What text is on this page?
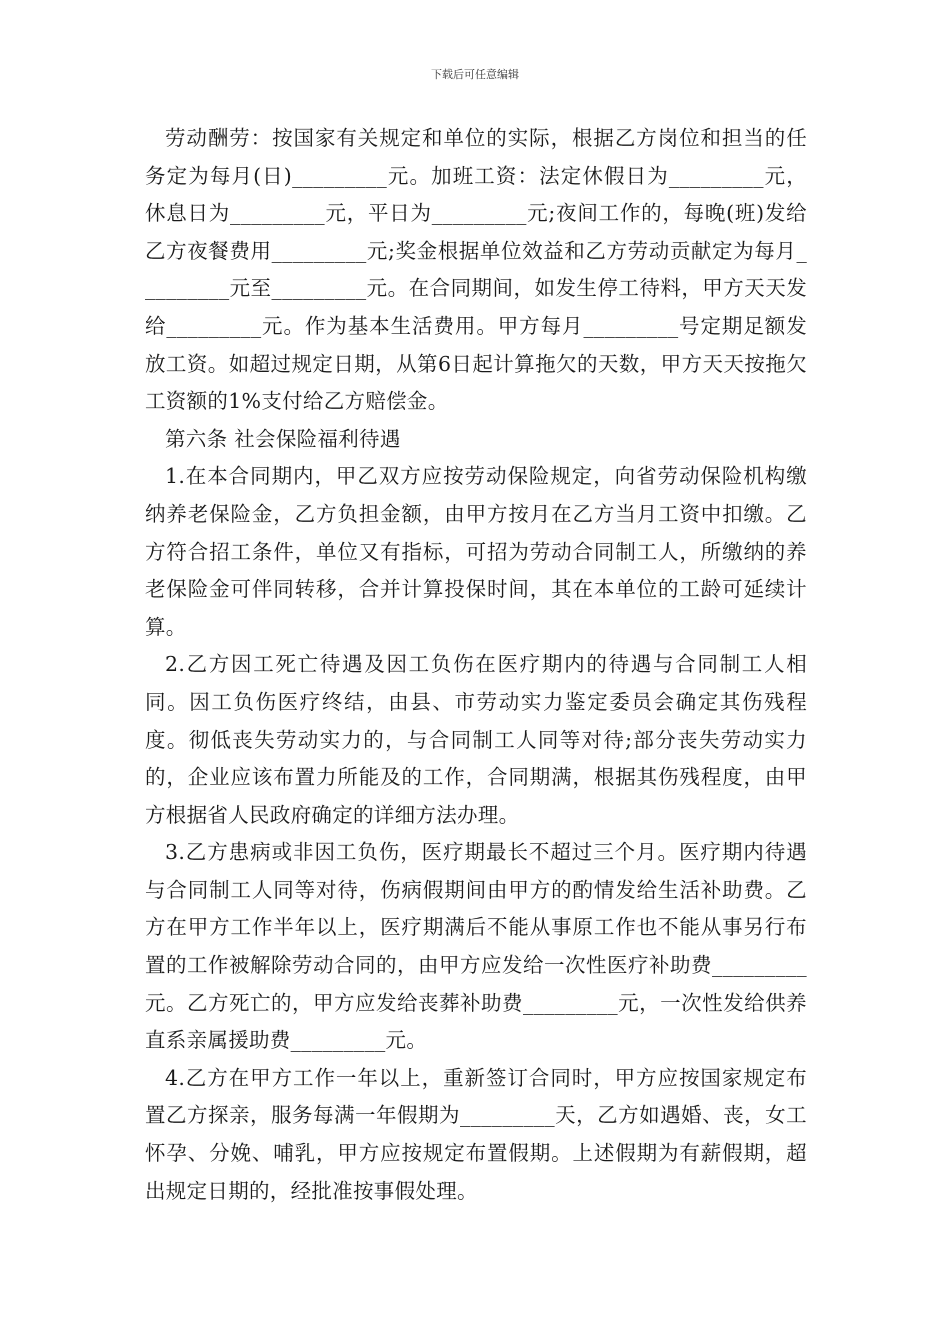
下载后可任意编辑

劳动酬劳：按国家有关规定和单位的实际，根据乙方岗位和担当的任务定为每月(日)_________元。加班工资：法定休假日为_________元，休息日为_________元，平日为_________元;夜间工作的，每晚(班)发给乙方夜餐费用_________元;奖金根据单位效益和乙方劳动贡献定为每月_________元至_________元。在合同期间，如发生停工待料，甲方天天发给_________元。作为基本生活费用。甲方每月_________号定期足额发放工资。如超过规定日期，从第6日起计算拖欠的天数，甲方天天按拖欠工资额的1%支付给乙方赔偿金。

第六条 社会保险福利待遇

1.在本合同期内，甲乙双方应按劳动保险规定，向省劳动保险机构缴纳养老保险金，乙方负担金额，由甲方按月在乙方当月工资中扣缴。乙方符合招工条件，单位又有指标，可招为劳动合同制工人，所缴纳的养老保险金可伴同转移，合并计算投保时间，其在本单位的工龄可延续计算。

2.乙方因工死亡待遇及因工负伤在医疗期内的待遇与合同制工人相同。因工负伤医疗终结，由县、市劳动实力鉴定委员会确定其伤残程度。彻低丧失劳动实力的，与合同制工人同等对待;部分丧失劳动实力的，企业应该布置力所能及的工作，合同期满，根据其伤残程度，由甲方根据省人民政府确定的详细方法办理。

3.乙方患病或非因工负伤，医疗期最长不超过三个月。医疗期内待遇与合同制工人同等对待，伤病假期间由甲方的酌情发给生活补助费。乙方在甲方工作半年以上，医疗期满后不能从事原工作也不能从事另行布置的工作被解除劳动合同的，由甲方应发给一次性医疗补助费_________元。乙方死亡的，甲方应发给丧葬补助费_________元，一次性发给供养直系亲属援助费_________元。

4.乙方在甲方工作一年以上，重新签订合同时，甲方应按国家规定布置乙方探亲，服务每满一年假期为_________天，乙方如遇婚、丧，女工怀孕、分娩、哺乳，甲方应按规定布置假期。上述假期为有薪假期，超出规定日期的，经批准按事假处理。
